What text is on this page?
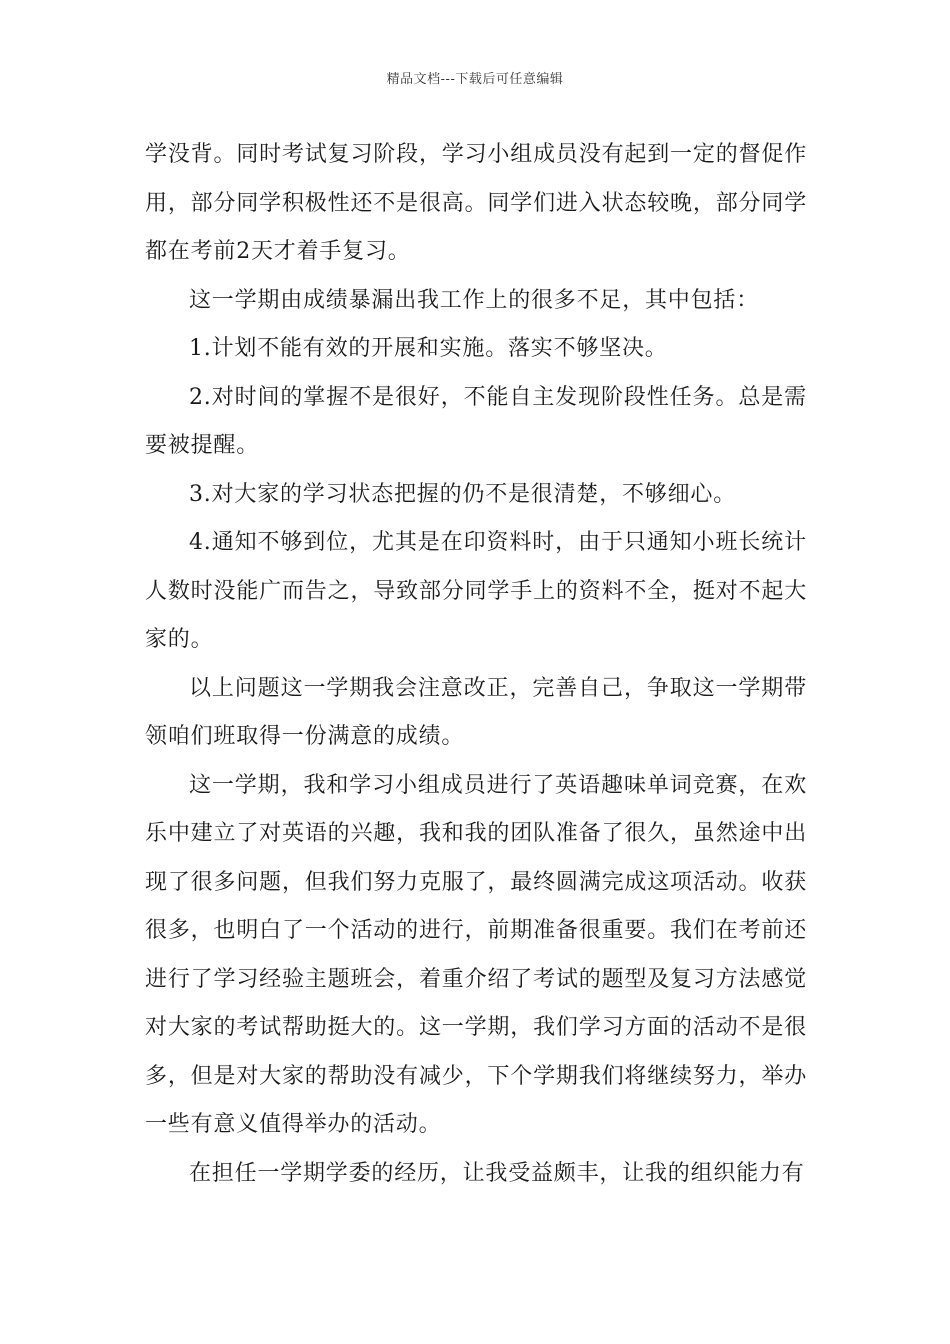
精品文档---下载后可任意编辑

学没背。同时考试复习阶段，学习小组成员没有起到一定的督促作用，部分同学积极性还不是很高。同学们进入状态较晚，部分同学都在考前2天才着手复习。

这一学期由成绩暴漏出我工作上的很多不足，其中包括：

1.计划不能有效的开展和实施。落实不够坚决。

2.对时间的掌握不是很好，不能自主发现阶段性任务。总是需要被提醒。

3.对大家的学习状态把握的仍不是很清楚，不够细心。

4.通知不够到位，尤其是在印资料时，由于只通知小班长统计人数时没能广而告之，导致部分同学手上的资料不全，挺对不起大家的。

以上问题这一学期我会注意改正，完善自己，争取这一学期带领咱们班取得一份满意的成绩。

这一学期，我和学习小组成员进行了英语趣味单词竞赛，在欢乐中建立了对英语的兴趣，我和我的团队准备了很久，虽然途中出现了很多问题，但我们努力克服了，最终圆满完成这项活动。收获很多，也明白了一个活动的进行，前期准备很重要。我们在考前还进行了学习经验主题班会，着重介绍了考试的题型及复习方法感觉对大家的考试帮助挺大的。这一学期，我们学习方面的活动不是很多，但是对大家的帮助没有减少，下个学期我们将继续努力，举办一些有意义值得举办的活动。

在担任一学期学委的经历，让我受益颇丰，让我的组织能力有
